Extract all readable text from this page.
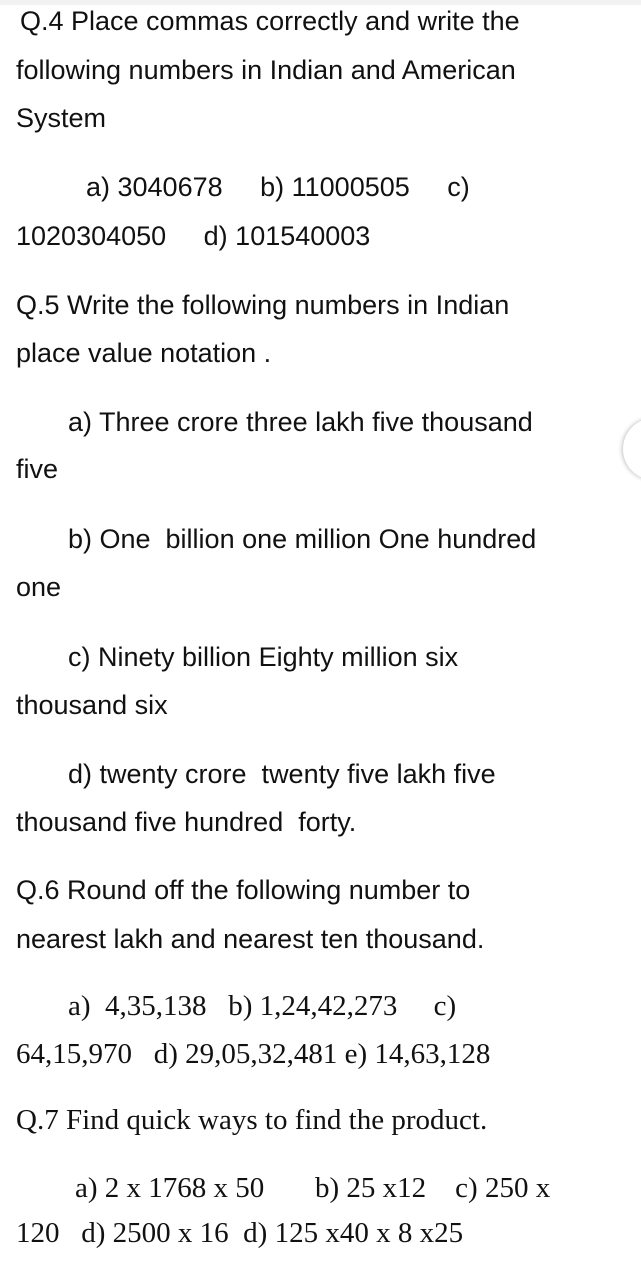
Q.4 Place commas correctly and write the
following numbers in Indian and American
System
a) 3040678     b) 11000505     c)
1020304050     d) 101540003
Q.5 Write the following numbers in Indian
place value notation .
a) Three crore three lakh five thousand
five
b) One  billion one million One hundred
one
c) Ninety billion Eighty million six
thousand six
d) twenty crore  twenty five lakh five
thousand five hundred  forty.
Q.6 Round off the following number to
nearest lakh and nearest ten thousand.
a)  4,35,138   b) 1,24,42,273     c)
64,15,970   d) 29,05,32,481 e) 14,63,128
Q.7 Find quick ways to find the product.
a) 2 x 1768 x 50       b) 25 x12    c) 250 x
120   d) 2500 x 16  d) 125 x40 x 8 x25
